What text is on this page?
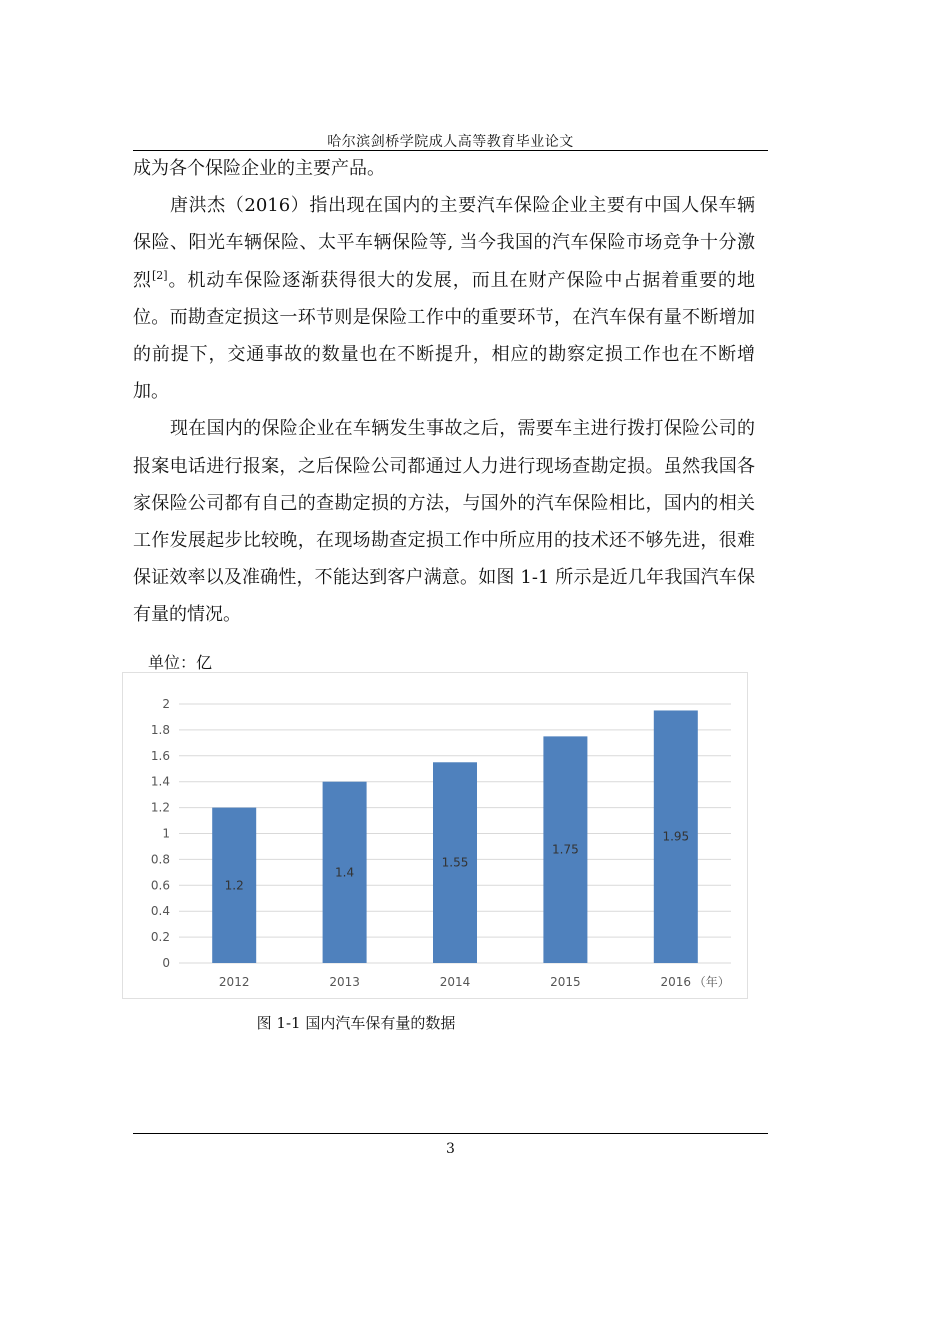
哈尔滨剑桥学院成人高等教育毕业论文

成为各个保险企业的主要产品。

唐洪杰（2016）指出现在国内的主要汽车保险企业主要有中国人保车辆保险、阳光车辆保险、太平车辆保险等, 当今我国的汽车保险市场竞争十分激烈[2]。机动车保险逐渐获得很大的发展，而且在财产保险中占据着重要的地位。而勘查定损这一环节则是保险工作中的重要环节，在汽车保有量不断增加的前提下，交通事故的数量也在不断提升，相应的勘察定损工作也在不断增加。

现在国内的保险企业在车辆发生事故之后，需要车主进行拨打保险公司的报案电话进行报案，之后保险公司都通过人力进行现场查勘定损。虽然我国各家保险公司都有自己的查勘定损的方法，与国外的汽车保险相比，国内的相关工作发展起步比较晚，在现场勘查定损工作中所应用的技术还不够先进，很难保证效率以及准确性，不能达到客户满意。如图 1-1 所示是近几年我国汽车保有量的情况。

单位：亿
0
0.2
0.4
0.6
0.8
1
1.2
1.4
1.6
1.8
2
1.2
2012
1.4
2013
1.55
2014
1.75
2015
1.95
2016 （年）
图 1-1 国内汽车保有量的数据
3
